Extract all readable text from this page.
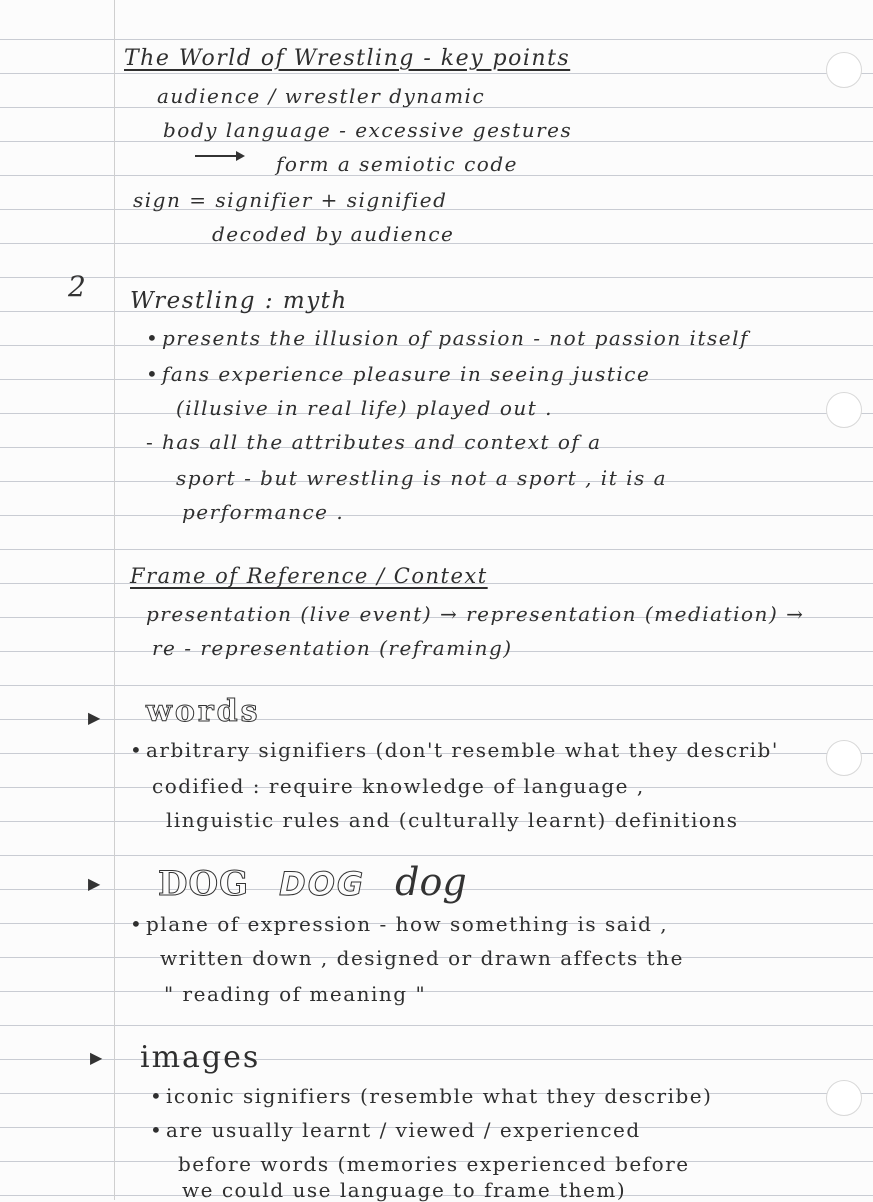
The World of Wrestling - key points
audience / wrestler dynamic
body language - excessive gestures
form a semiotic code
sign = signifier + signified
decoded by audience
2 Wrestling : myth
• presents the illusion of passion - not passion itself
• fans experience pleasure in seeing justice
(illusive in real life) played out .
- has all the attributes and context of a
sport - but wrestling is not a sport , it is a
performance .
Frame of Reference / Context
presentation (live event) → representation (mediation) →
re - representation (reframing)
▶ words
• arbitrary signifiers (don't resemble what they describ'
codified : require knowledge of language ,
linguistic rules and (culturally learnt) definitions
▶ DOG DOG dog
• plane of expression - how something is said ,
written down , designed or drawn affects the
" reading of meaning "
▶ images
• iconic signifiers (resemble what they describe)
• are usually learnt / viewed / experienced
before words (memories experienced before
we could use language to frame them)
